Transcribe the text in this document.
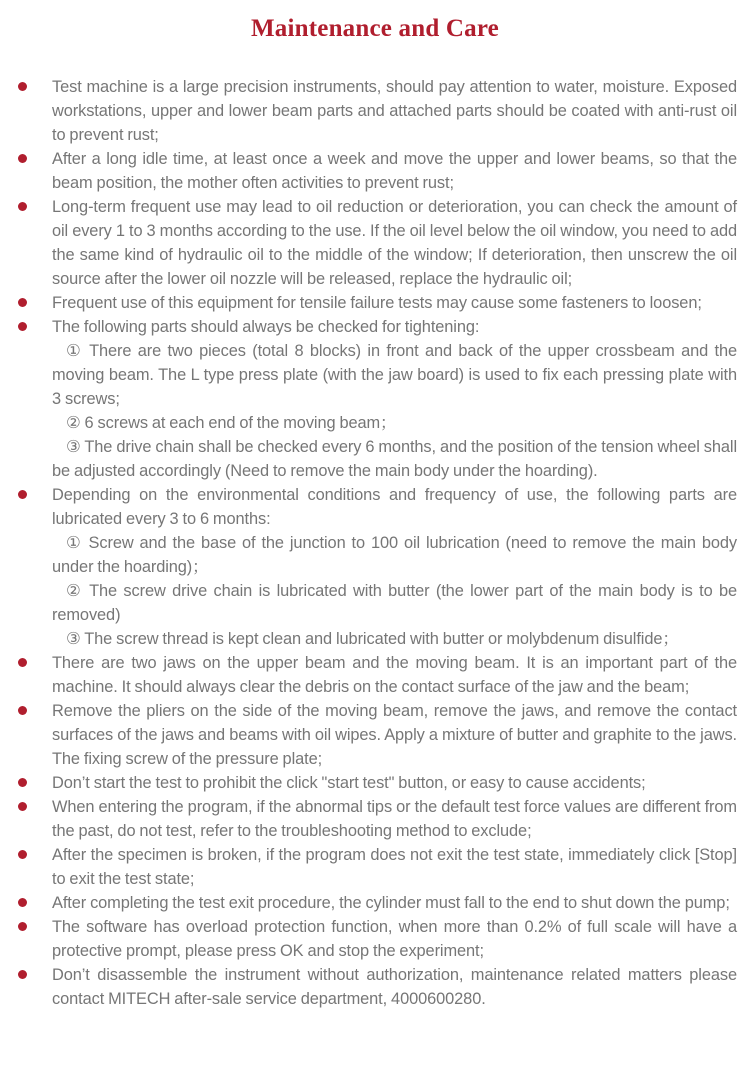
Maintenance and Care

Test machine is a large precision instruments, should pay attention to water, moisture. Exposed workstations, upper and lower beam parts and attached parts should be coated with anti-rust oil to prevent rust;

After a long idle time, at least once a week and move the upper and lower beams, so that the beam position, the mother often activities to prevent rust;

Long-term frequent use may lead to oil reduction or deterioration, you can check the amount of oil every 1 to 3 months according to the use. If the oil level below the oil window, you need to add the same kind of hydraulic oil to the middle of the window; If deterioration, then unscrew the oil source after the lower oil nozzle will be released, replace the hydraulic oil;

Frequent use of this equipment for tensile failure tests may cause some fasteners to loosen;

The following parts should always be checked for tightening:

① There are two pieces (total 8 blocks) in front and back of the upper crossbeam and the moving beam. The L type press plate (with the jaw board) is used to fix each pressing plate with 3 screws;

② 6 screws at each end of the moving beam；

③ The drive chain shall be checked every 6 months, and the position of the tension wheel shall be adjusted accordingly (Need to remove the main body under the hoarding).

Depending on the environmental conditions and frequency of use, the following parts are lubricated every 3 to 6 months:

① Screw and the base of the junction to 100 oil lubrication (need to remove the main body under the hoarding)；

② The screw drive chain is lubricated with butter (the lower part of the main body is to be removed)

③ The screw thread is kept clean and lubricated with butter or molybdenum disulfide；

There are two jaws on the upper beam and the moving beam. It is an important part of the machine. It should always clear the debris on the contact surface of the jaw and the beam;

Remove the pliers on the side of the moving beam, remove the jaws, and remove the contact surfaces of the jaws and beams with oil wipes. Apply a mixture of butter and graphite to the jaws. The fixing screw of the pressure plate;

Don’t start the test to prohibit the click "start test" button, or easy to cause accidents;

When entering the program, if the abnormal tips or the default test force values are different from the past, do not test, refer to the troubleshooting method to exclude;

After the specimen is broken, if the program does not exit the test state, immediately click [Stop] to exit the test state;

After completing the test exit procedure, the cylinder must fall to the end to shut down the pump;

The software has overload protection function, when more than 0.2% of full scale will have a protective prompt, please press OK and stop the experiment;

Don’t disassemble the instrument without authorization, maintenance related matters please contact MITECH after-sale service department, 4000600280.
